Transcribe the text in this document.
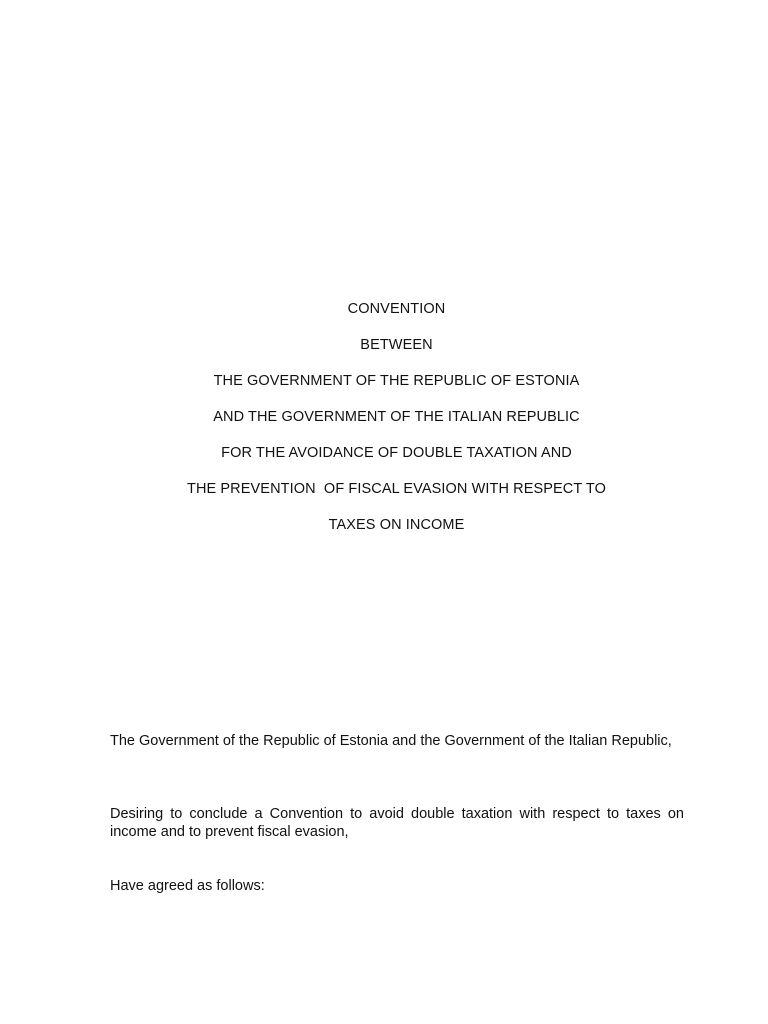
CONVENTION
BETWEEN
THE GOVERNMENT OF THE REPUBLIC OF ESTONIA
AND THE GOVERNMENT OF THE ITALIAN REPUBLIC
FOR THE AVOIDANCE OF DOUBLE TAXATION AND
THE PREVENTION  OF FISCAL EVASION WITH RESPECT TO
TAXES ON INCOME

The Government of the Republic of Estonia and the Government of the Italian Republic,

Desiring to conclude a Convention to avoid double taxation with respect to taxes on income and to prevent fiscal evasion,

Have agreed as follows:
